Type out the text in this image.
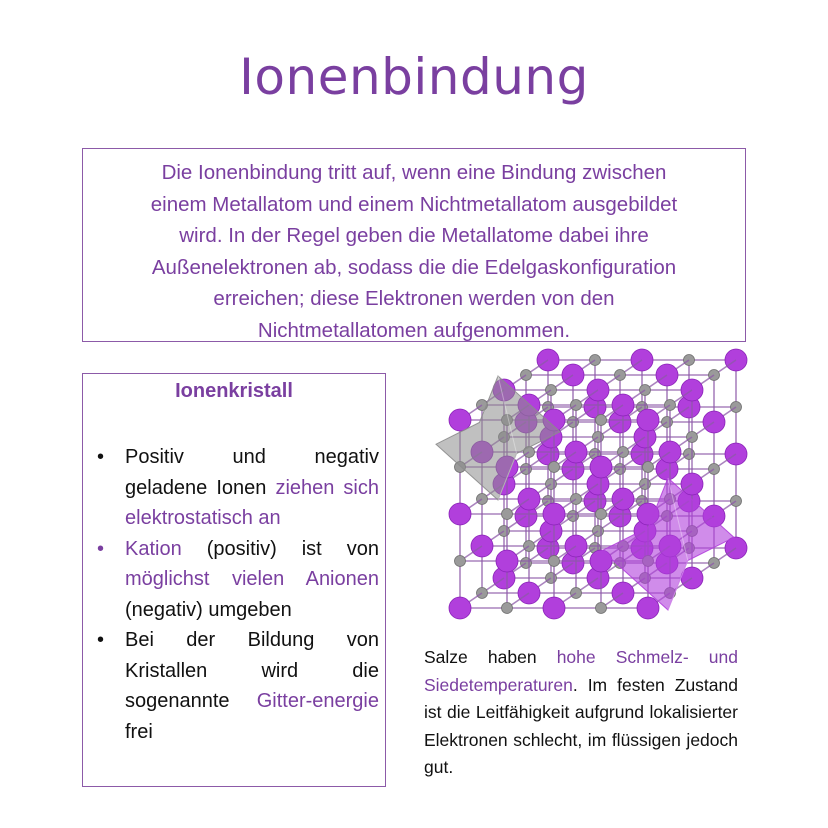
Ionenbindung
Die Ionenbindung tritt auf, wenn eine Bindung zwischen
einem Metallatom und einem Nichtmetallatom ausgebildet
wird. In der Regel geben die Metallatome dabei ihre
Außenelektronen ab, sodass die die Edelgaskonfiguration
erreichen; diese Elektronen werden von den
Nichtmetallatomen aufgenommen.
Ionenkristall
• Positiv und negativ geladene Ionen ziehen sich elektrostatisch an
• Kation (positiv) ist von möglichst vielen Anionen (negativ) umgeben
• Bei der Bildung von Kristallen wird die sogenannte Gitter-energie frei
Salze haben hohe Schmelz- und Siedetemperaturen. Im festen Zustand ist die Leitfähigkeit aufgrund lokalisierter Elektronen schlecht, im flüssigen jedoch gut.
